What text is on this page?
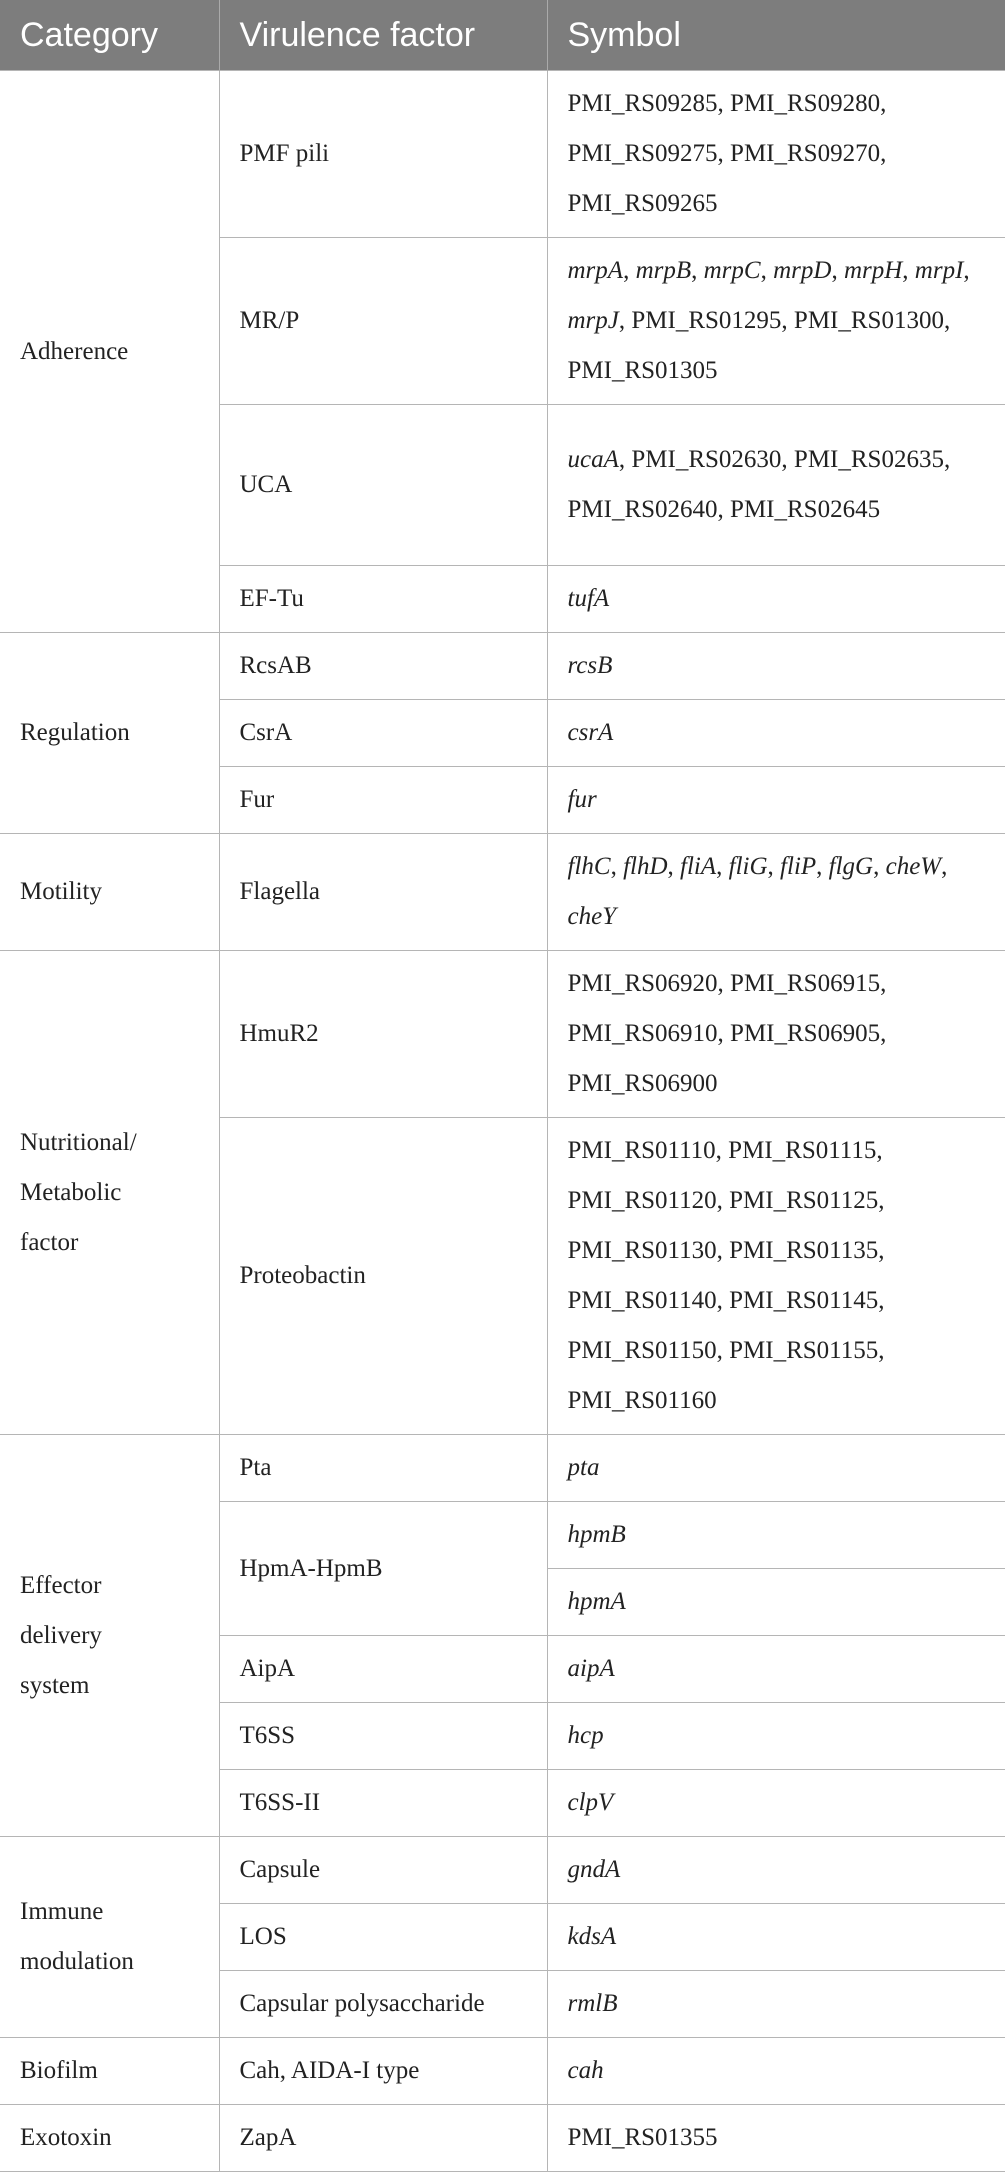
Category	Virulence factor	Symbol
Adherence	PMF pili	PMI_RS09285, PMI_RS09280, PMI_RS09275, PMI_RS09270, PMI_RS09265
	MR/P	mrpA, mrpB, mrpC, mrpD, mrpH, mrpI, mrpJ, PMI_RS01295, PMI_RS01300, PMI_RS01305
	UCA	ucaA, PMI_RS02630, PMI_RS02635, PMI_RS02640, PMI_RS02645
	EF-Tu	tufA
Regulation	RcsAB	rcsB
	CsrA	csrA
	Fur	fur
Motility	Flagella	flhC, flhD, fliA, fliG, fliP, flgG, cheW, cheY
Nutritional/
Metabolic
factor	HmuR2	PMI_RS06920, PMI_RS06915, PMI_RS06910, PMI_RS06905, PMI_RS06900
	Proteobactin	PMI_RS01110, PMI_RS01115, PMI_RS01120, PMI_RS01125, PMI_RS01130, PMI_RS01135, PMI_RS01140, PMI_RS01145, PMI_RS01150, PMI_RS01155, PMI_RS01160
Effector
delivery
system	Pta	pta
	HpmA-HpmB	hpmB
		hpmA
	AipA	aipA
	T6SS	hcp
	T6SS-II	clpV
Immune
modulation	Capsule	gndA
	LOS	kdsA
	Capsular polysaccharide	rmlB
Biofilm	Cah, AIDA-I type	cah
Exotoxin	ZapA	PMI_RS01355
